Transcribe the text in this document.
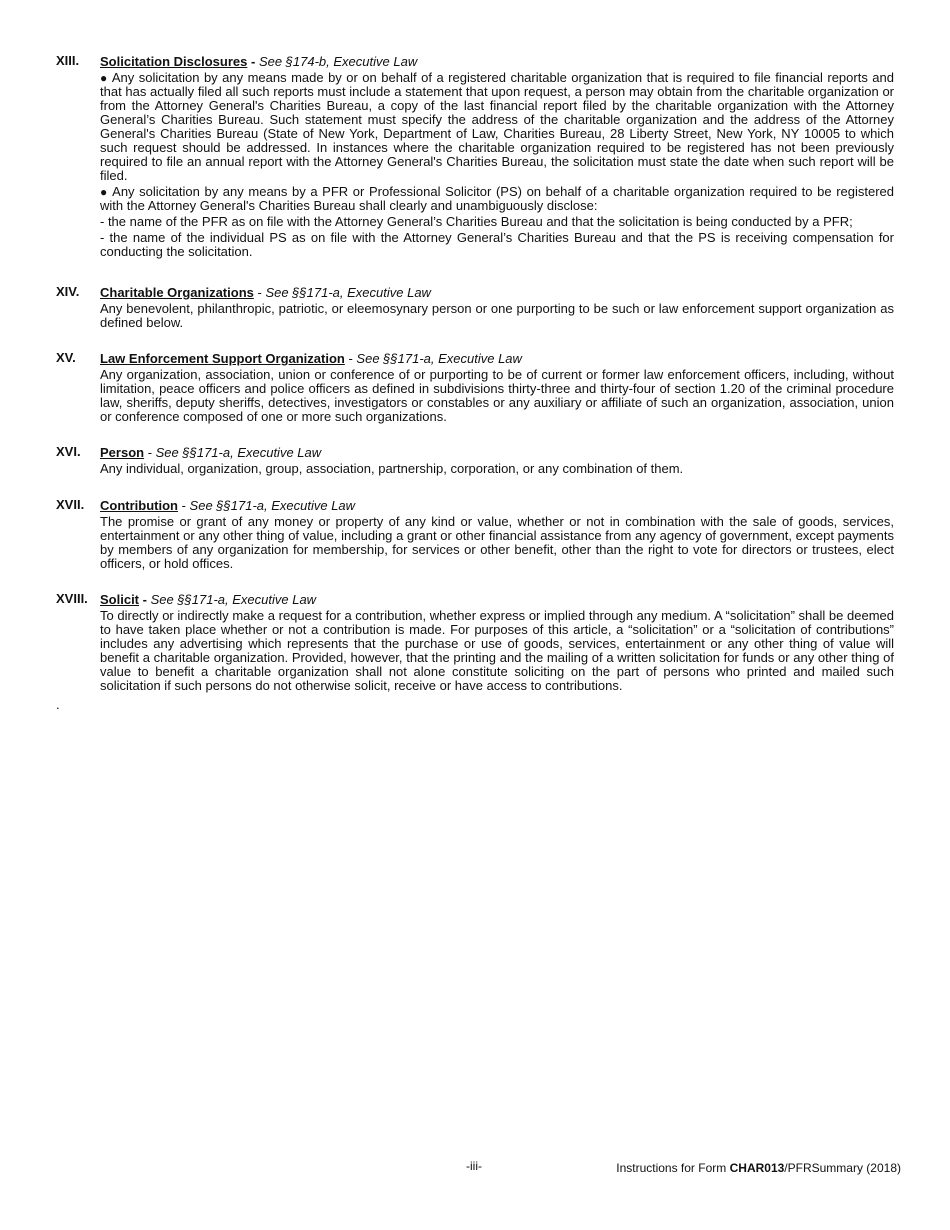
XIII.	Solicitation Disclosures - See §174-b, Executive Law

● Any solicitation by any means made by or on behalf of a registered charitable organization that is required to file financial reports and that has actually filed all such reports must include a statement that upon request, a person may obtain from the charitable organization or from the Attorney General's Charities Bureau, a copy of the last financial report filed by the charitable organization with the Attorney General’s Charities Bureau. Such statement must specify the address of the charitable organization and the address of the Attorney General's Charities Bureau (State of New York, Department of Law, Charities Bureau, 28 Liberty Street, New York, NY 10005 to which such request should be addressed. In instances where the charitable organization required to be registered has not been previously required to file an annual report with the Attorney General's Charities Bureau, the solicitation must state the date when such report will be filed.

● Any solicitation by any means by a PFR or Professional Solicitor (PS) on behalf of a charitable organization required to be registered with the Attorney General's Charities Bureau shall clearly and unambiguously disclose:

- the name of the PFR as on file with the Attorney General’s Charities Bureau and that the solicitation is being conducted by a PFR;

- the name of the individual PS as on file with the Attorney General’s Charities Bureau and that the PS is receiving compensation for conducting the solicitation.

XIV.	Charitable Organizations - See §§171-a, Executive Law

Any benevolent, philanthropic, patriotic, or eleemosynary person or one purporting to be such or law enforcement support organization as defined below.

XV.	Law Enforcement Support Organization - See §§171-a, Executive Law

Any organization, association, union or conference of or purporting to be of current or former law enforcement officers, including, without limitation, peace officers and police officers as defined in subdivisions thirty-three and thirty-four of section 1.20 of the criminal procedure law, sheriffs, deputy sheriffs, detectives, investigators or constables or any auxiliary or affiliate of such an organization, association, union or conference composed of one or more such organizations.

XVI.	Person - See §§171-a, Executive Law

Any individual, organization, group, association, partnership, corporation, or any combination of them.

XVII.	Contribution - See §§171-a, Executive Law

The promise or grant of any money or property of any kind or value, whether or not in combination with the sale of goods, services, entertainment or any other thing of value, including a grant or other financial assistance from any agency of government, except payments by members of any organization for membership, for services or other benefit, other than the right to vote for directors or trustees, elect officers, or hold offices.

XVIII. Solicit - See §§171-a, Executive Law

To directly or indirectly make a request for a contribution, whether express or implied through any medium. A “solicitation” shall be deemed to have taken place whether or not a contribution is made. For purposes of this article, a “solicitation” or a “solicitation of contributions” includes any advertising which represents that the purchase or use of goods, services, entertainment or any other thing of value will benefit a charitable organization. Provided, however, that the printing and the mailing of a written solicitation for funds or any other thing of value to benefit a charitable organization shall not alone constitute soliciting on the part of persons who printed and mailed such solicitation if such persons do not otherwise solicit, receive or have access to contributions.

.
-iii-	Instructions for Form CHAR013/PFRSummary (2018)
